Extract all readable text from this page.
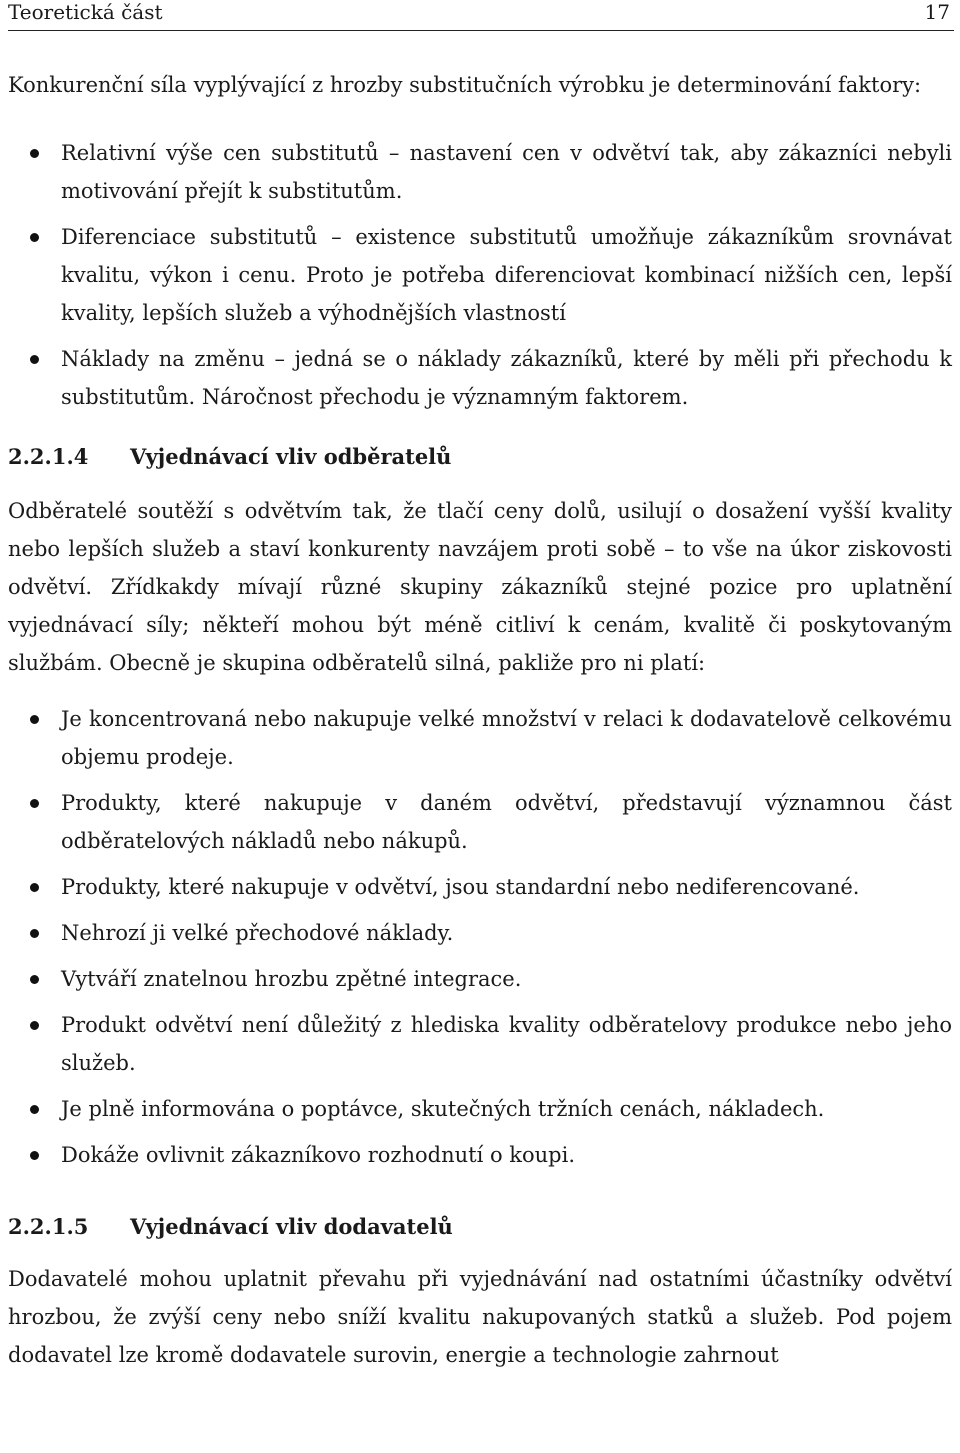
Teoretická část	17

Konkurenční síla vyplývající z hrozby substitučních výrobku je determinování faktory:

Relativní výše cen substitutů – nastavení cen v odvětví tak, aby zákazníci nebyli motivování přejít k substitutům.
Diferenciace substitutů – existence substitutů umožňuje zákazníkům srovnávat kvalitu, výkon i cenu. Proto je potřeba diferenciovat kombinací nižších cen, lepší kvality, lepších služeb a výhodnějších vlastností
Náklady na změnu – jedná se o náklady zákazníků, které by měli při přechodu k substitutům. Náročnost přechodu je významným faktorem.
2.2.1.4 Vyjednávací vliv odběratelů

Odběratelé soutěží s odvětvím tak, že tlačí ceny dolů, usilují o dosažení vyšší kvality nebo lepších služeb a staví konkurenty navzájem proti sobě – to vše na úkor ziskovosti odvětví. Zřídkakdy mívají různé skupiny zákazníků stejné pozice pro uplatnění vyjednávací síly; někteří mohou být méně citliví k cenám, kvalitě či poskytovaným službám. Obecně je skupina odběratelů silná, pakliže pro ni platí:

Je koncentrovaná nebo nakupuje velké množství v relaci k dodavatelově celkovému objemu prodeje.
Produkty, které nakupuje v daném odvětví, představují významnou část odběratelových nákladů nebo nákupů.
Produkty, které nakupuje v odvětví, jsou standardní nebo nediferencované.
Nehrozí ji velké přechodové náklady.
Vytváří znatelnou hrozbu zpětné integrace.
Produkt odvětví není důležitý z hlediska kvality odběratelovy produkce nebo jeho služeb.
Je plně informována o poptávce, skutečných tržních cenách, nákladech.
Dokáže ovlivnit zákazníkovo rozhodnutí o koupi.
2.2.1.5 Vyjednávací vliv dodavatelů

Dodavatelé mohou uplatnit převahu při vyjednávání nad ostatními účastníky odvětví hrozbou, že zvýší ceny nebo sníží kvalitu nakupovaných statků a služeb. Pod pojem dodavatel lze kromě dodavatele surovin, energie a technologie zahrnout
